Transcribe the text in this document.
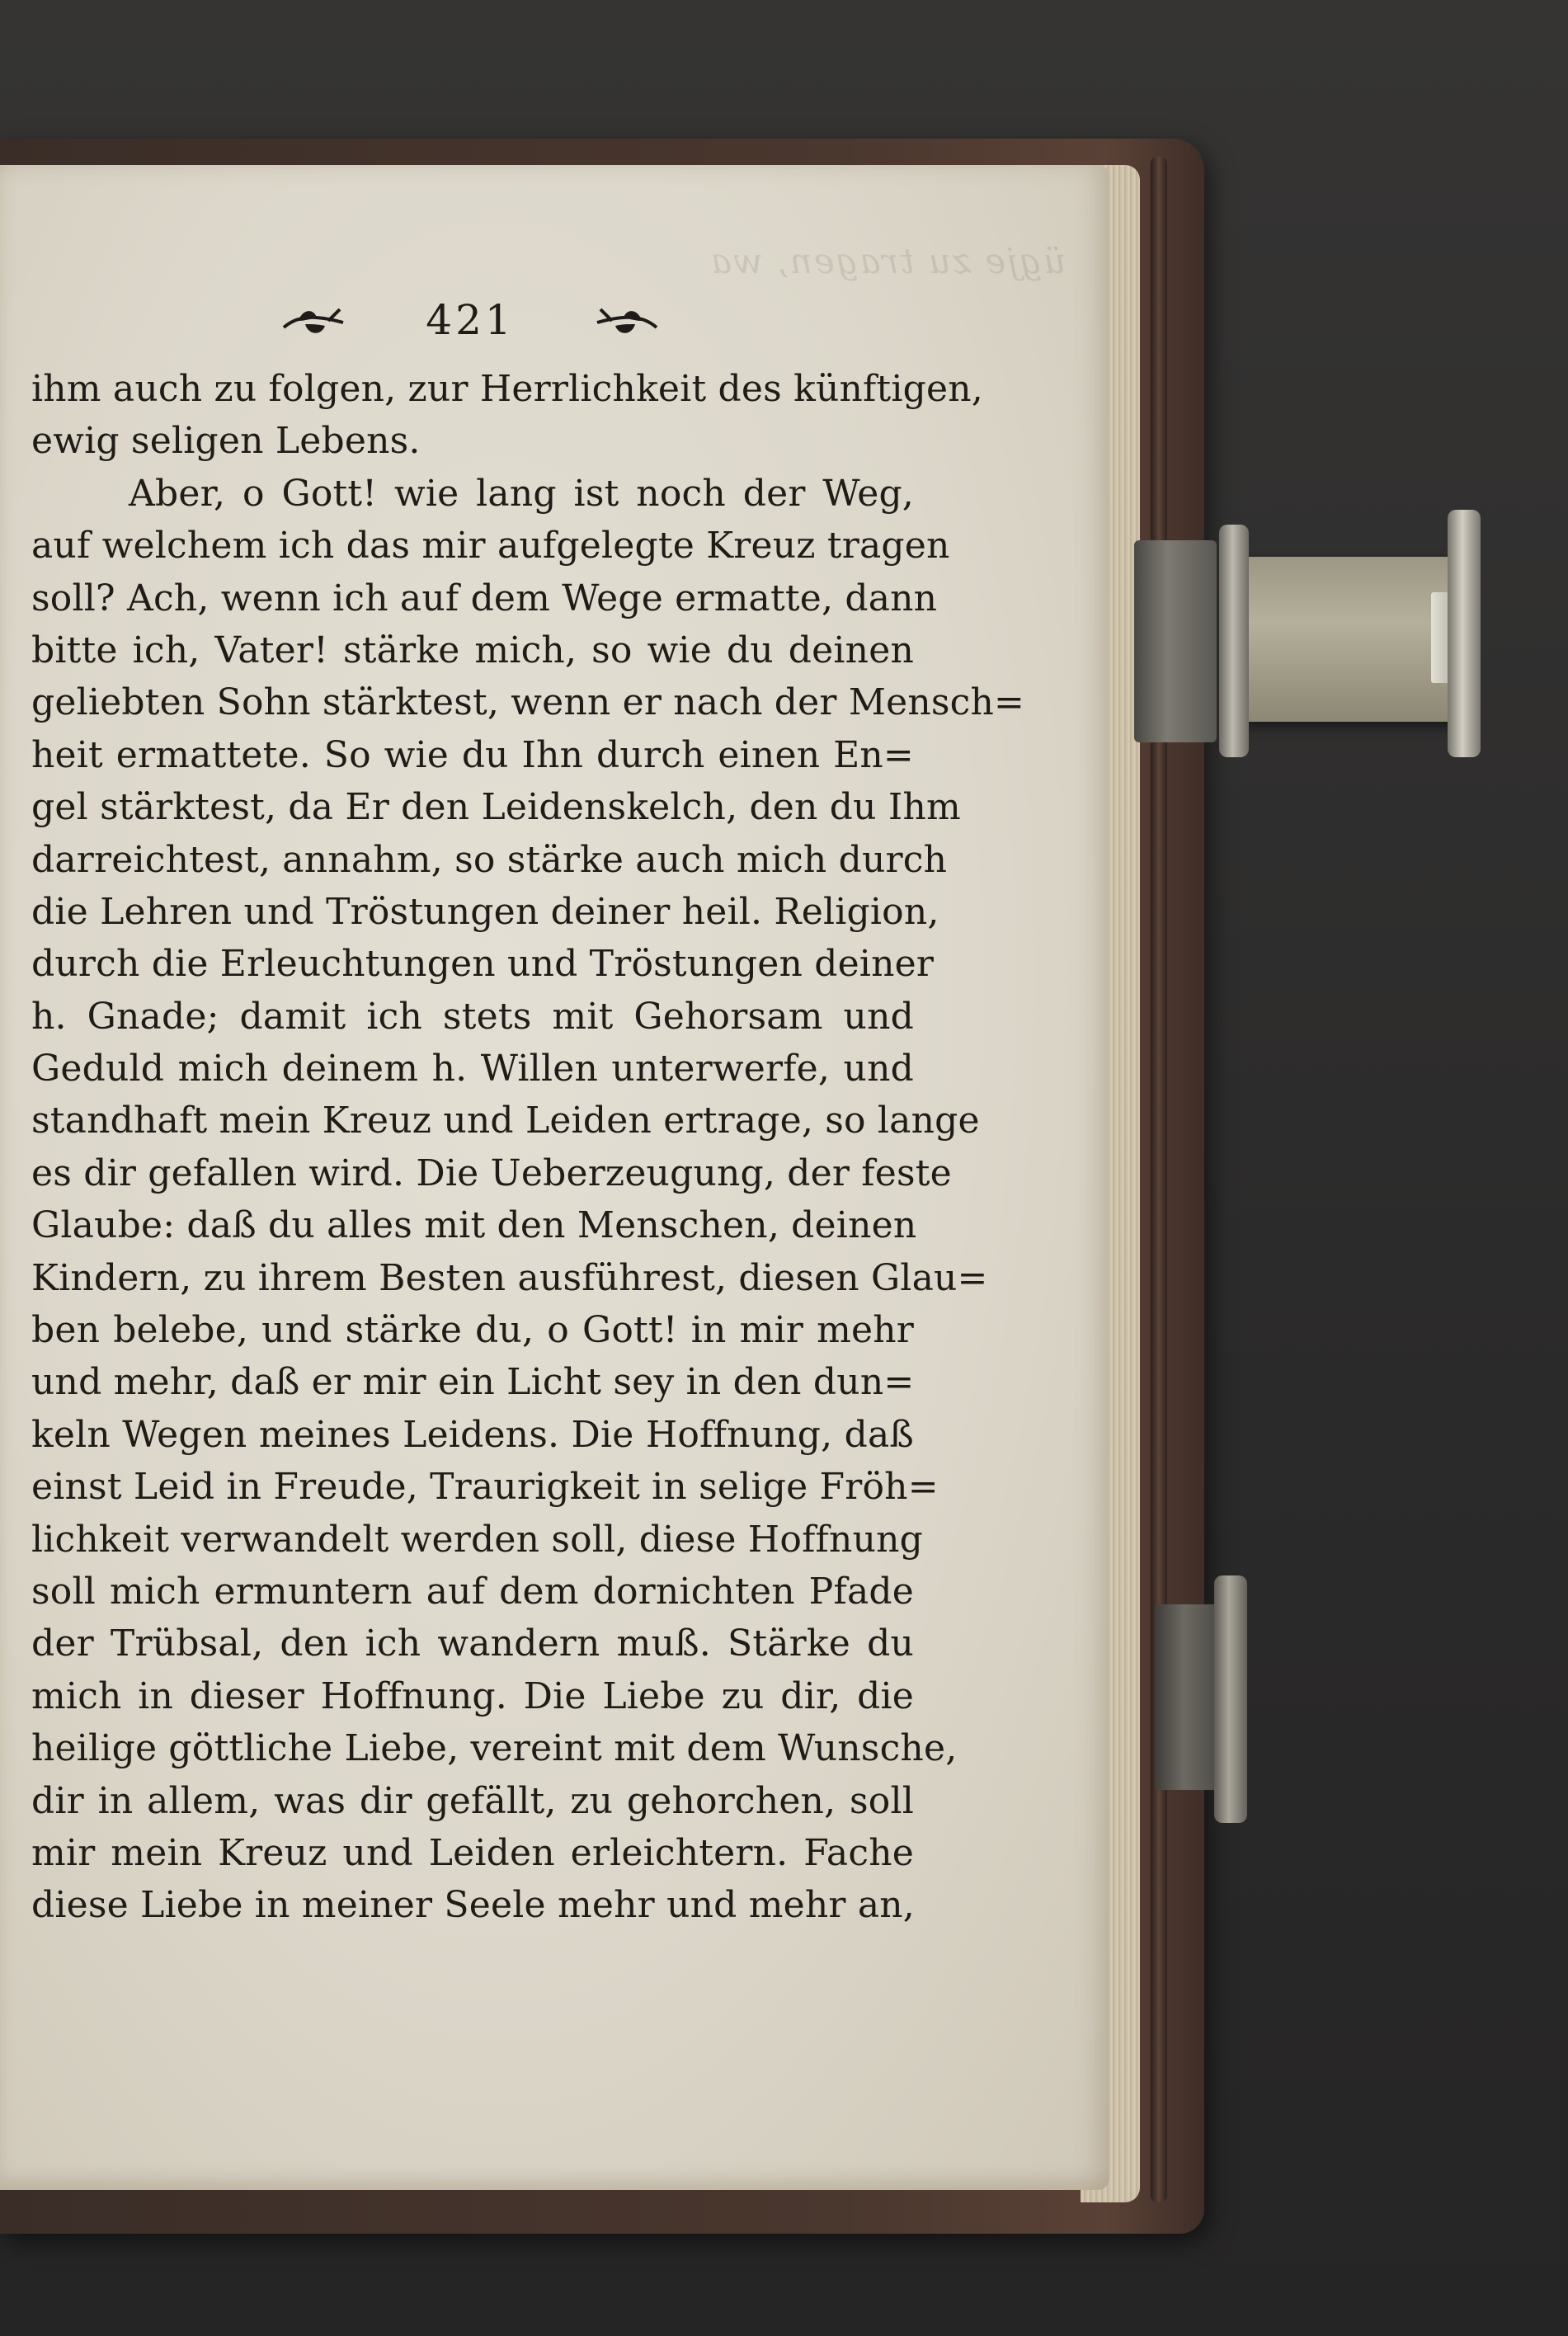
ügje zu tragen, wa
421
ihm auch zu folgen, zur Herrlichkeit des künftigen,
ewig seligen Lebens.
Aber, o Gott! wie lang ist noch der Weg,
auf welchem ich das mir aufgelegte Kreuz tragen
soll? Ach, wenn ich auf dem Wege ermatte, dann
bitte ich, Vater! stärke mich, so wie du deinen
geliebten Sohn stärktest, wenn er nach der Mensch=
heit ermattete. So wie du Ihn durch einen En=
gel stärktest, da Er den Leidenskelch, den du Ihm
darreichtest, annahm, so stärke auch mich durch
die Lehren und Tröstungen deiner heil. Religion,
durch die Erleuchtungen und Tröstungen deiner
h. Gnade; damit ich stets mit Gehorsam und
Geduld mich deinem h. Willen unterwerfe, und
standhaft mein Kreuz und Leiden ertrage, so lange
es dir gefallen wird. Die Ueberzeugung, der feste
Glaube: daß du alles mit den Menschen, deinen
Kindern, zu ihrem Besten ausführest, diesen Glau=
ben belebe, und stärke du, o Gott! in mir mehr
und mehr, daß er mir ein Licht sey in den dun=
keln Wegen meines Leidens. Die Hoffnung, daß
einst Leid in Freude, Traurigkeit in selige Fröh=
lichkeit verwandelt werden soll, diese Hoffnung
soll mich ermuntern auf dem dornichten Pfade
der Trübsal, den ich wandern muß. Stärke du
mich in dieser Hoffnung. Die Liebe zu dir, die
heilige göttliche Liebe, vereint mit dem Wunsche,
dir in allem, was dir gefällt, zu gehorchen, soll
mir mein Kreuz und Leiden erleichtern. Fache
diese Liebe in meiner Seele mehr und mehr an,
